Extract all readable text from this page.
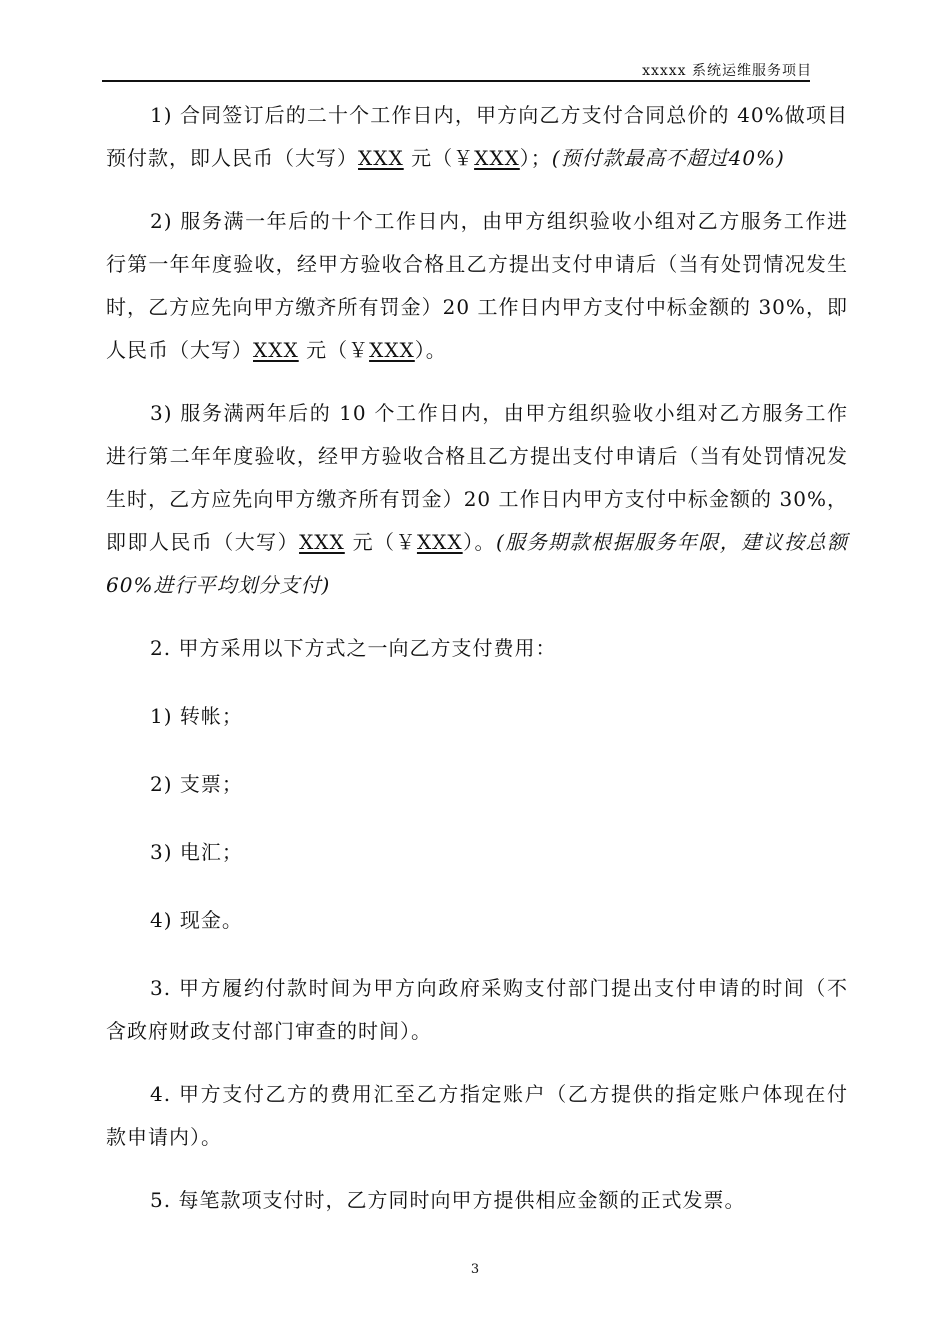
xxxxx 系统运维服务项目

1) 合同签订后的二十个工作日内，甲方向乙方支付合同总价的 40%做项目预付款，即人民币（大写）XXX 元（￥XXX）；(预付款最高不超过40%)

2) 服务满一年后的十个工作日内，由甲方组织验收小组对乙方服务工作进行第一年年度验收，经甲方验收合格且乙方提出支付申请后（当有处罚情况发生时，乙方应先向甲方缴齐所有罚金）20 工作日内甲方支付中标金额的 30%，即人民币（大写）XXX 元（￥XXX）。

3) 服务满两年后的 10 个工作日内，由甲方组织验收小组对乙方服务工作进行第二年年度验收，经甲方验收合格且乙方提出支付申请后（当有处罚情况发生时，乙方应先向甲方缴齐所有罚金）20 工作日内甲方支付中标金额的 30%，即即人民币（大写）XXX 元（￥XXX）。(服务期款根据服务年限，建议按总额60%进行平均划分支付)

2. 甲方采用以下方式之一向乙方支付费用：

1) 转帐；

2) 支票；

3) 电汇；

4) 现金。

3. 甲方履约付款时间为甲方向政府采购支付部门提出支付申请的时间（不含政府财政支付部门审查的时间）。

4. 甲方支付乙方的费用汇至乙方指定账户（乙方提供的指定账户体现在付款申请内）。

5. 每笔款项支付时，乙方同时向甲方提供相应金额的正式发票。

3
